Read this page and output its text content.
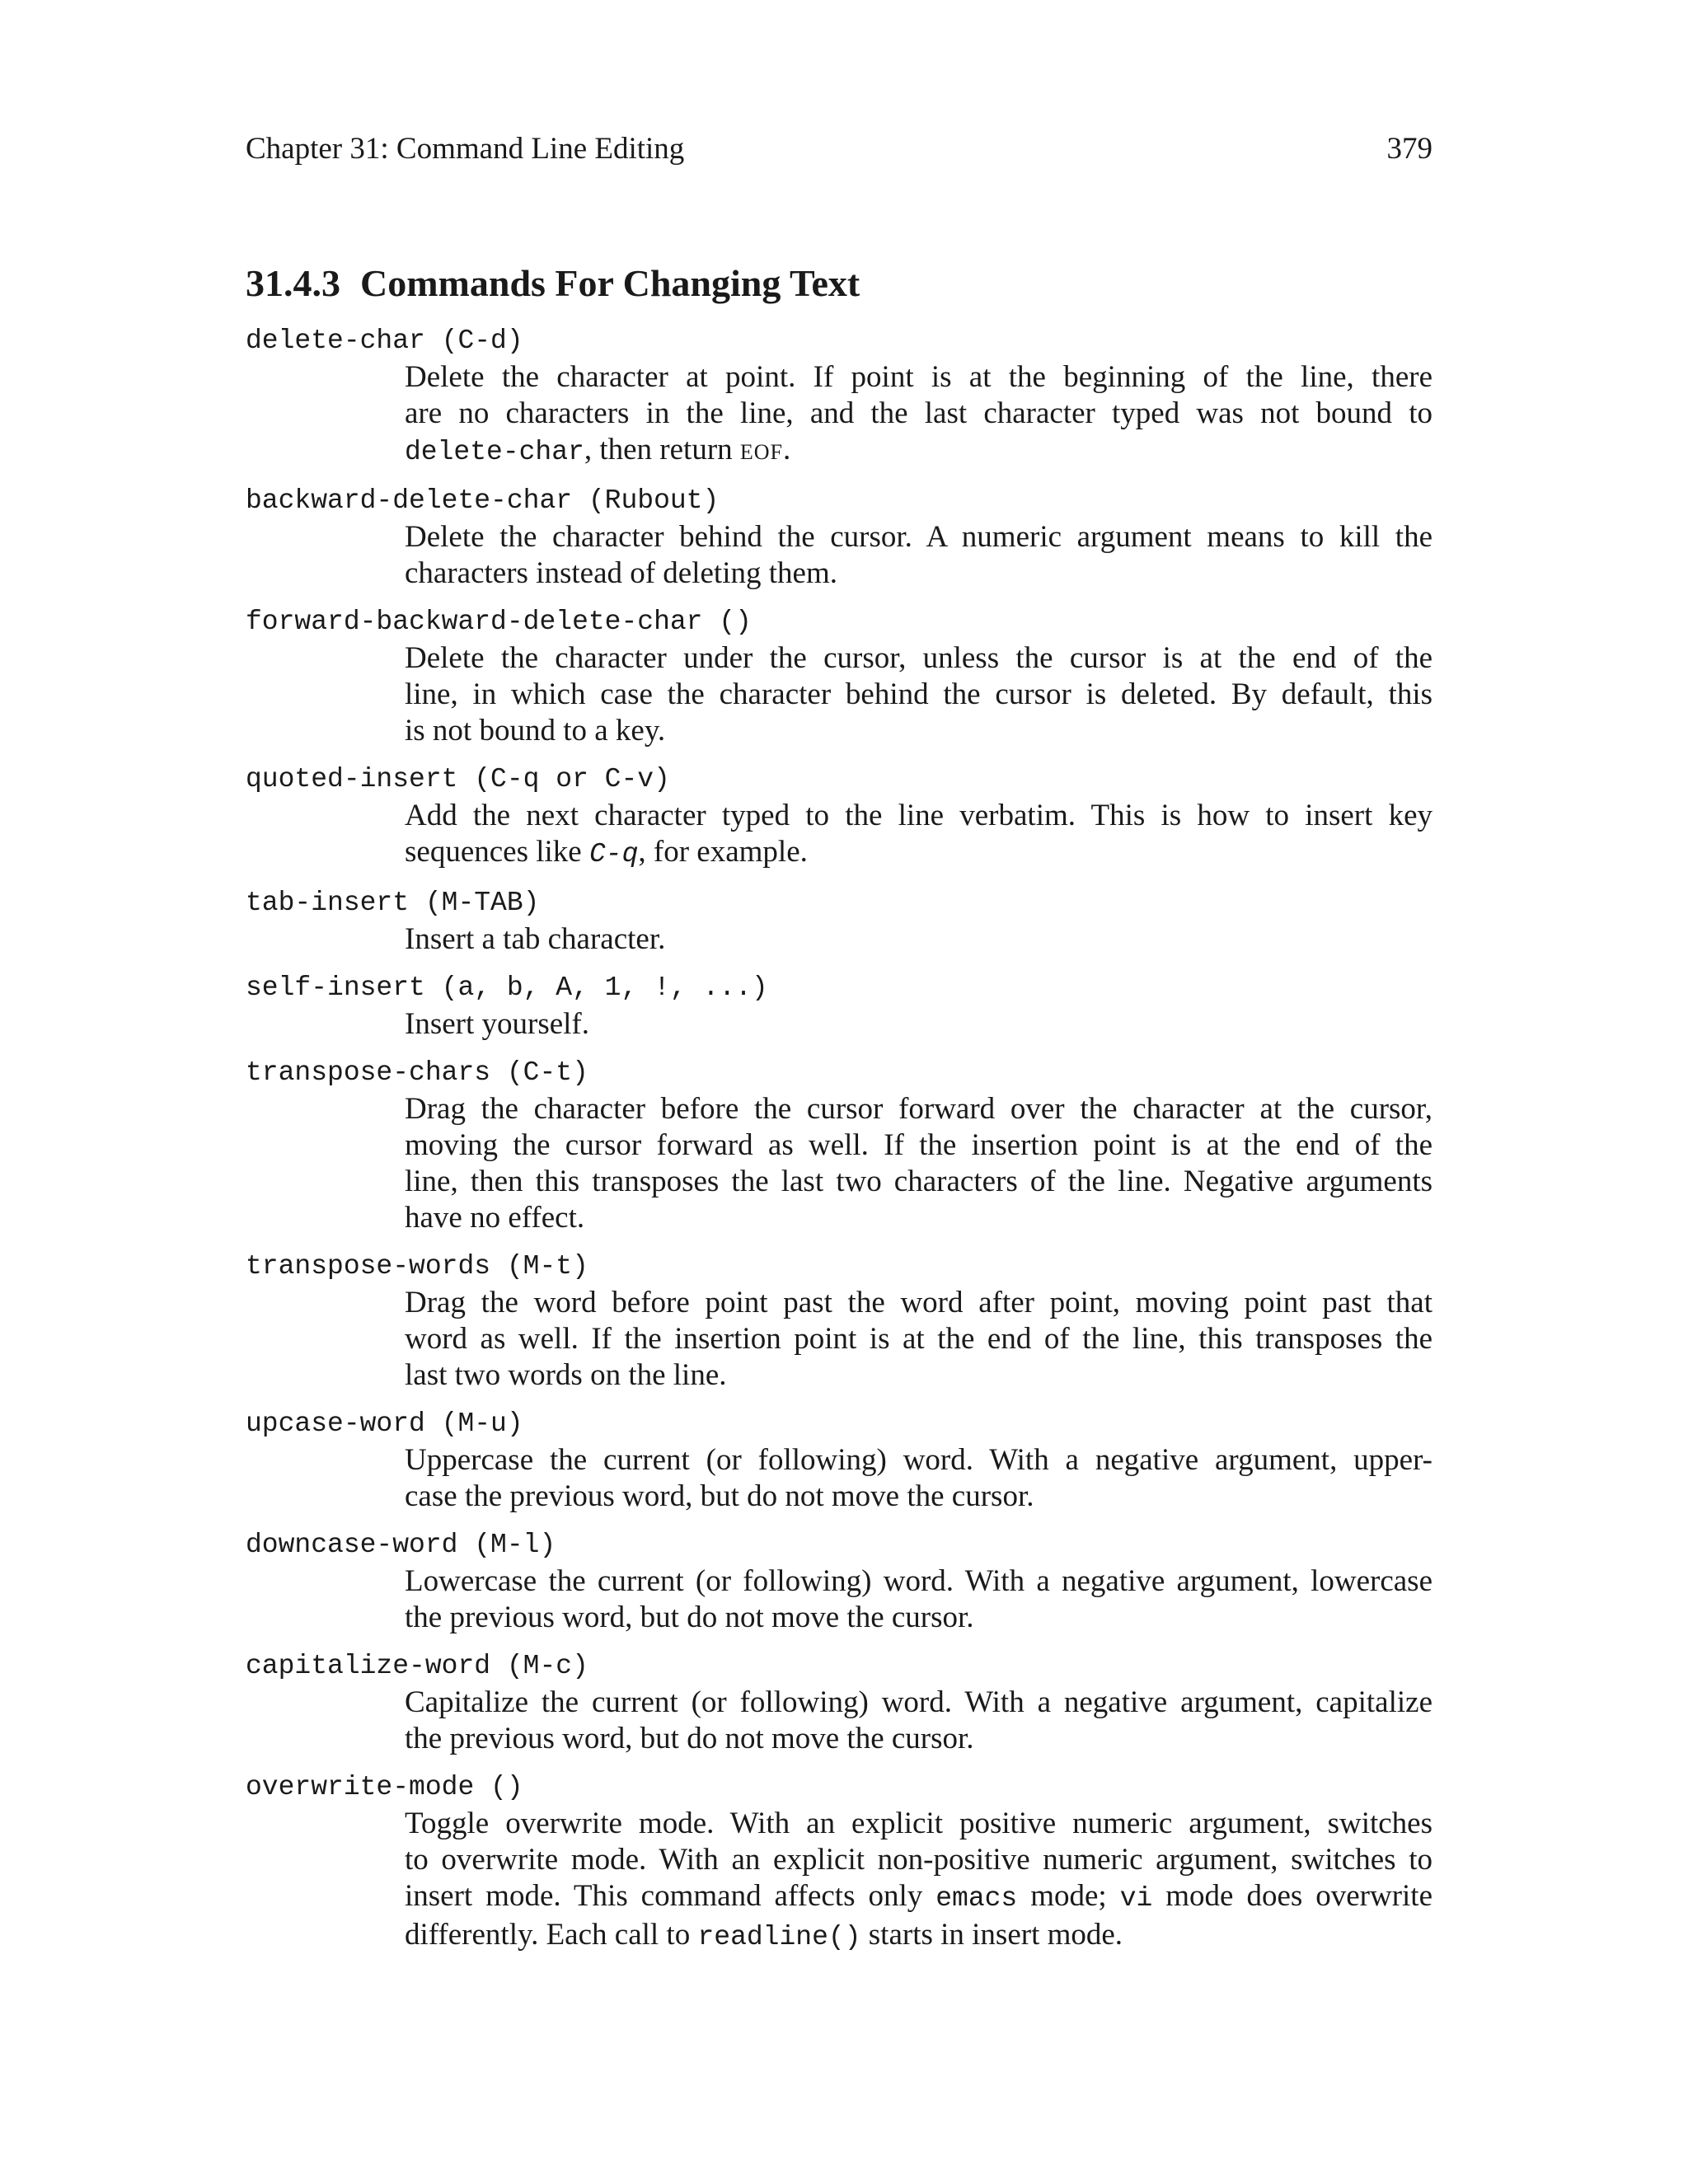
Chapter 31: Command Line Editing	379
31.4.3 Commands For Changing Text
delete-char (C-d)
Delete the character at point. If point is at the beginning of the line, there
are no characters in the line, and the last character typed was not bound to
delete-char, then return eof.
backward-delete-char (Rubout)
Delete the character behind the cursor. A numeric argument means to kill the
characters instead of deleting them.
forward-backward-delete-char ()
Delete the character under the cursor, unless the cursor is at the end of the
line, in which case the character behind the cursor is deleted. By default, this
is not bound to a key.
quoted-insert (C-q or C-v)
Add the next character typed to the line verbatim. This is how to insert key
sequences like C-q, for example.
tab-insert (M-TAB)
Insert a tab character.
self-insert (a, b, A, 1, !, ...)
Insert yourself.
transpose-chars (C-t)
Drag the character before the cursor forward over the character at the cursor,
moving the cursor forward as well. If the insertion point is at the end of the
line, then this transposes the last two characters of the line. Negative arguments
have no effect.
transpose-words (M-t)
Drag the word before point past the word after point, moving point past that
word as well. If the insertion point is at the end of the line, this transposes the
last two words on the line.
upcase-word (M-u)
Uppercase the current (or following) word. With a negative argument, upper-
case the previous word, but do not move the cursor.
downcase-word (M-l)
Lowercase the current (or following) word. With a negative argument, lowercase
the previous word, but do not move the cursor.
capitalize-word (M-c)
Capitalize the current (or following) word. With a negative argument, capitalize
the previous word, but do not move the cursor.
overwrite-mode ()
Toggle overwrite mode. With an explicit positive numeric argument, switches
to overwrite mode. With an explicit non-positive numeric argument, switches to
insert mode. This command affects only emacs mode; vi mode does overwrite
differently. Each call to readline() starts in insert mode.
